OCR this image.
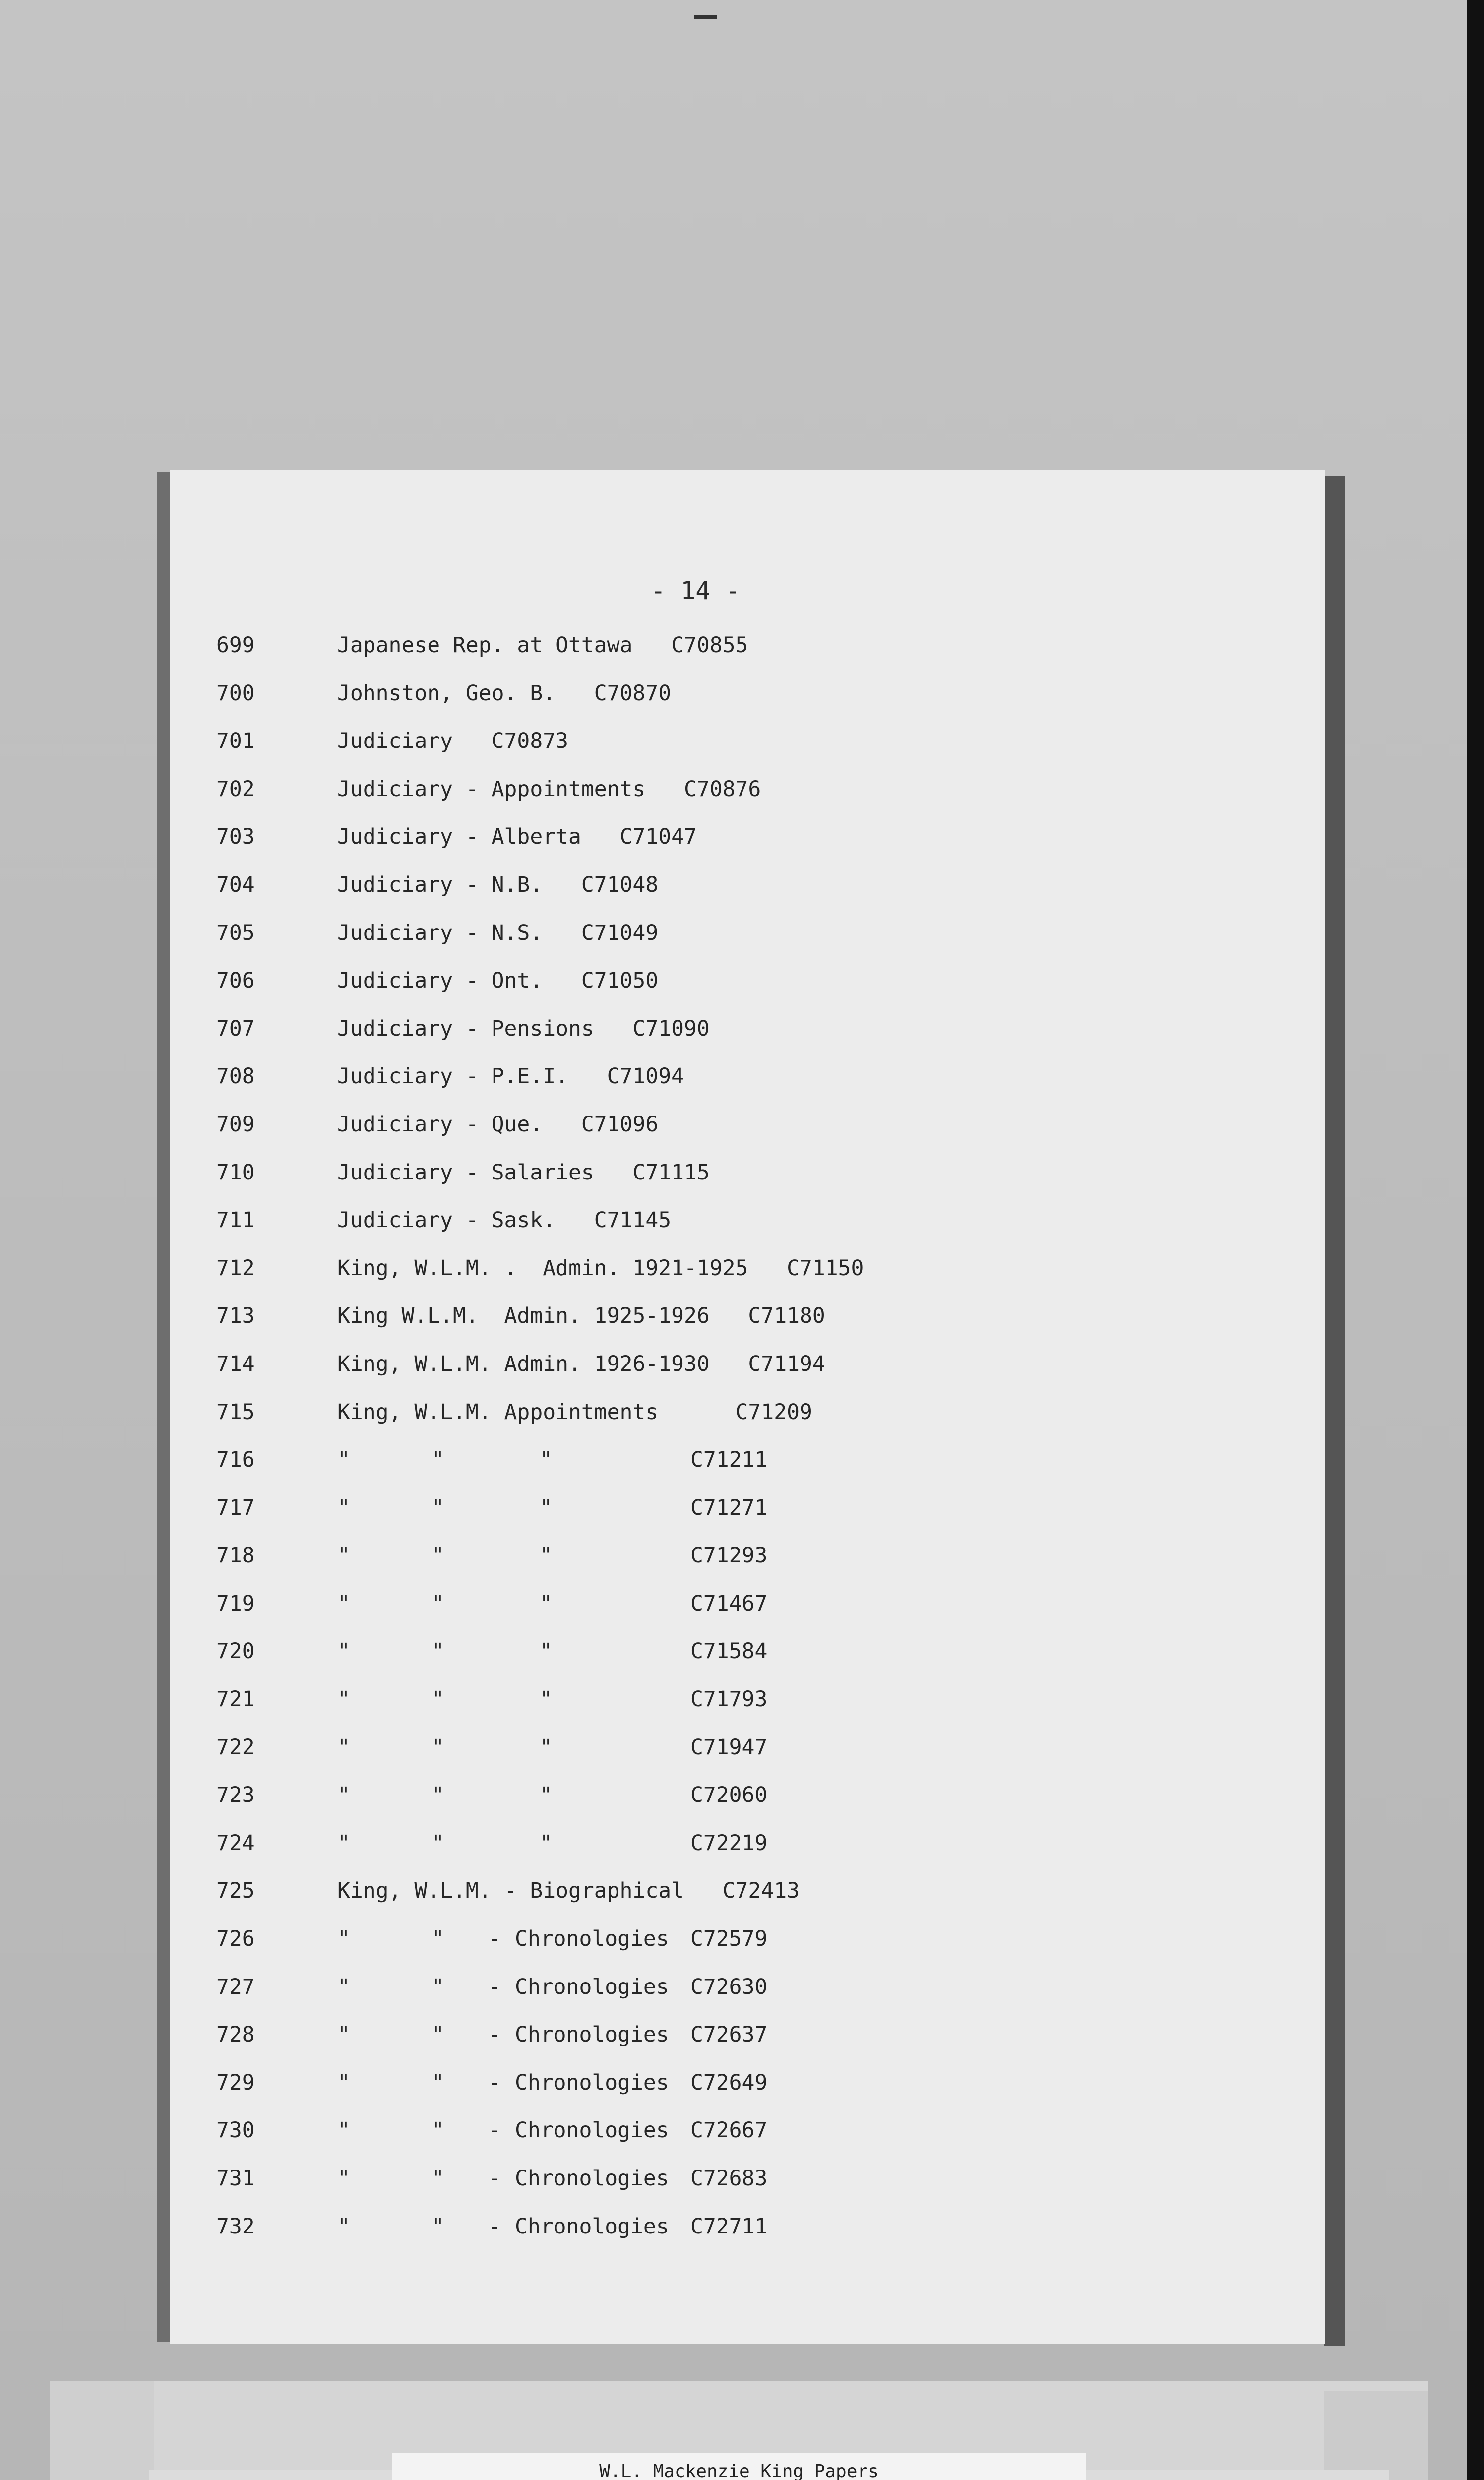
- 14 -
699	Japanese Rep. at Ottawa   C70855
700	Johnston, Geo. B.   C70870
701	Judiciary   C70873
702	Judiciary - Appointments   C70876
703	Judiciary - Alberta   C71047
704	Judiciary - N.B.   C71048
705	Judiciary - N.S.   C71049
706	Judiciary - Ont.   C71050
707	Judiciary - Pensions   C71090
708	Judiciary - P.E.I.   C71094
709	Judiciary - Que.   C71096
710	Judiciary - Salaries   C71115
711	Judiciary - Sask.   C71145
712	King, W.L.M. .  Admin. 1921-1925   C71150
713	King W.L.M.  Admin. 1925-1926   C71180
714	King, W.L.M. Admin. 1926-1930   C71194
715	King, W.L.M. Appointments      C71209
716	"	"	"	C71211
717	"	"	"	C71271
718	"	"	"	C71293
719	"	"	"	C71467
720	"	"	"	C71584
721	"	"	"	C71793
722	"	"	"	C71947
723	"	"	"	C72060
724	"	"	"	C72219
725	King, W.L.M. - Biographical   C72413
726	"	" - Chronologies C72579
727	"	" - Chronologies C72630
728	"	" - Chronologies C72637
729	"	" - Chronologies C72649
730	"	" - Chronologies C72667
731	"	" - Chronologies C72683
732	"	" - Chronologies C72711
W.L. Mackenzie King Papers
